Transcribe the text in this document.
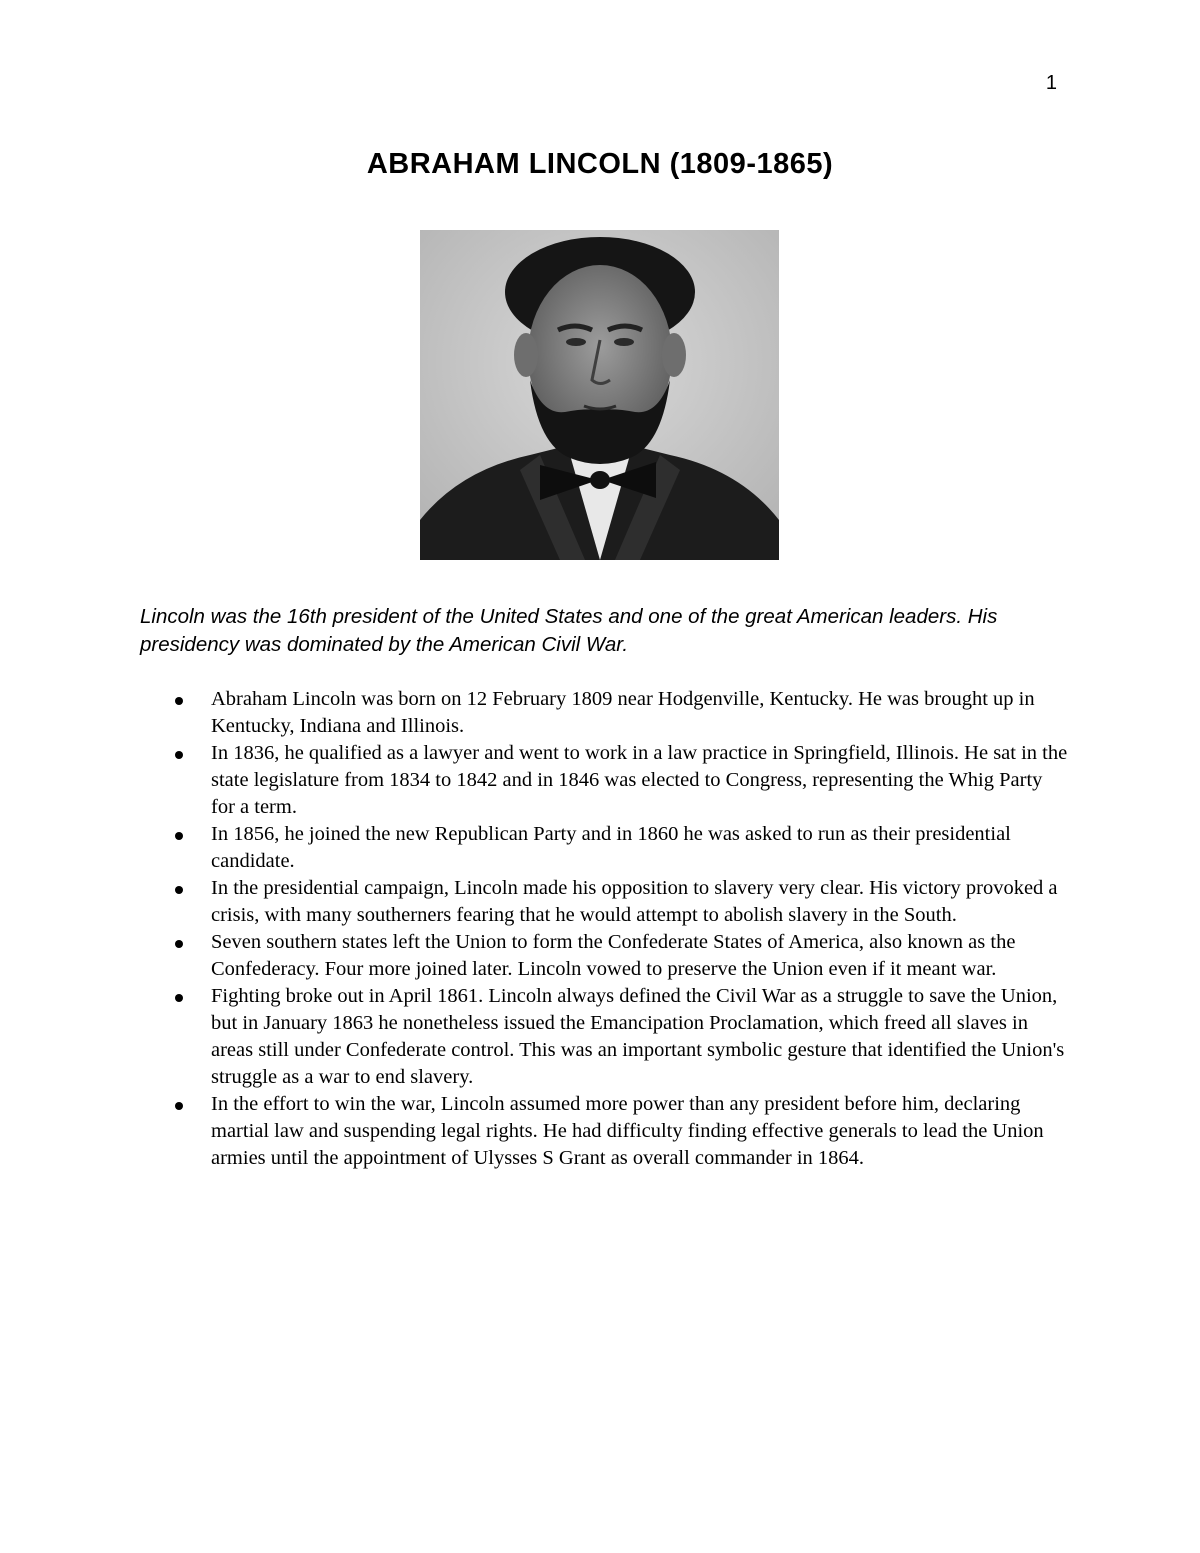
1
ABRAHAM LINCOLN (1809-1865)

Lincoln was the 16th president of the United States and one of the great American leaders. His presidency was dominated by the American Civil War.

Abraham Lincoln was born on 12 February 1809 near Hodgenville, Kentucky. He was brought up in Kentucky, Indiana and Illinois.
In 1836, he qualified as a lawyer and went to work in a law practice in Springfield, Illinois. He sat in the state legislature from 1834 to 1842 and in 1846 was elected to Congress, representing the Whig Party for a term.
In 1856, he joined the new Republican Party and in 1860 he was asked to run as their presidential candidate.
In the presidential campaign, Lincoln made his opposition to slavery very clear. His victory provoked a crisis, with many southerners fearing that he would attempt to abolish slavery in the South.
Seven southern states left the Union to form the Confederate States of America, also known as the Confederacy. Four more joined later. Lincoln vowed to preserve the Union even if it meant war.
Fighting broke out in April 1861. Lincoln always defined the Civil War as a struggle to save the Union, but in January 1863 he nonetheless issued the Emancipation Proclamation, which freed all slaves in areas still under Confederate control. This was an important symbolic gesture that identified the Union's struggle as a war to end slavery.
In the effort to win the war, Lincoln assumed more power than any president before him, declaring martial law and suspending legal rights. He had difficulty finding effective generals to lead the Union armies until the appointment of Ulysses S Grant as overall commander in 1864.
